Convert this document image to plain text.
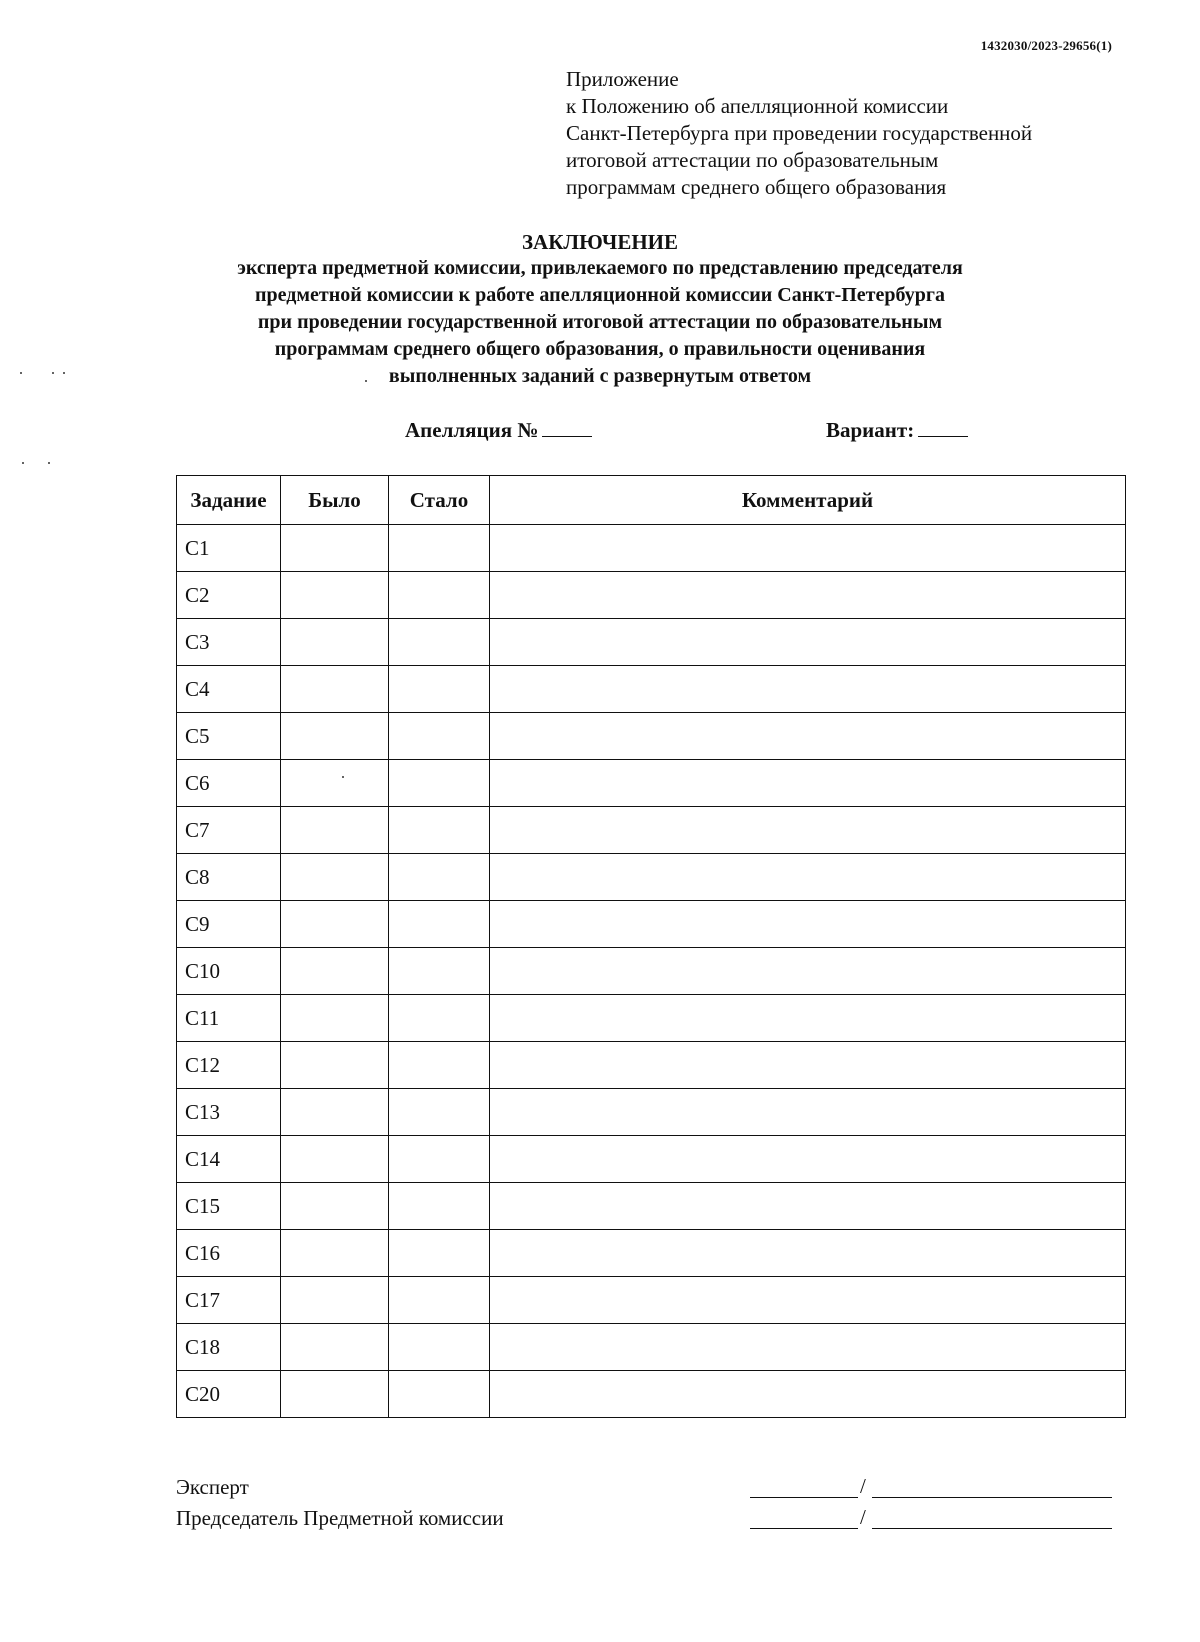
1432030/2023-29656(1)
Приложение
к Положению об апелляционной комиссии
Санкт-Петербурга при проведении государственной
итоговой аттестации по образовательным
программам среднего общего образования
ЗАКЛЮЧЕНИЕ
эксперта предметной комиссии, привлекаемого по представлению председателя
предметной комиссии к работе апелляционной комиссии Санкт-Петербурга
при проведении государственной итоговой аттестации по образовательным
программам среднего общего образования, о правильности оценивания
выполненных заданий с развернутым ответом
Апелляция №	Вариант:
Задание	Было	Стало	Комментарий
C1			
C2			
C3			
C4			
C5			
C6			
C7			
C8			
C9			
C10			
C11			
C12			
C13			
C14			
C15			
C16			
C17			
C18			
C20			
Эксперт	/
Председатель Предметной комиссии	/
